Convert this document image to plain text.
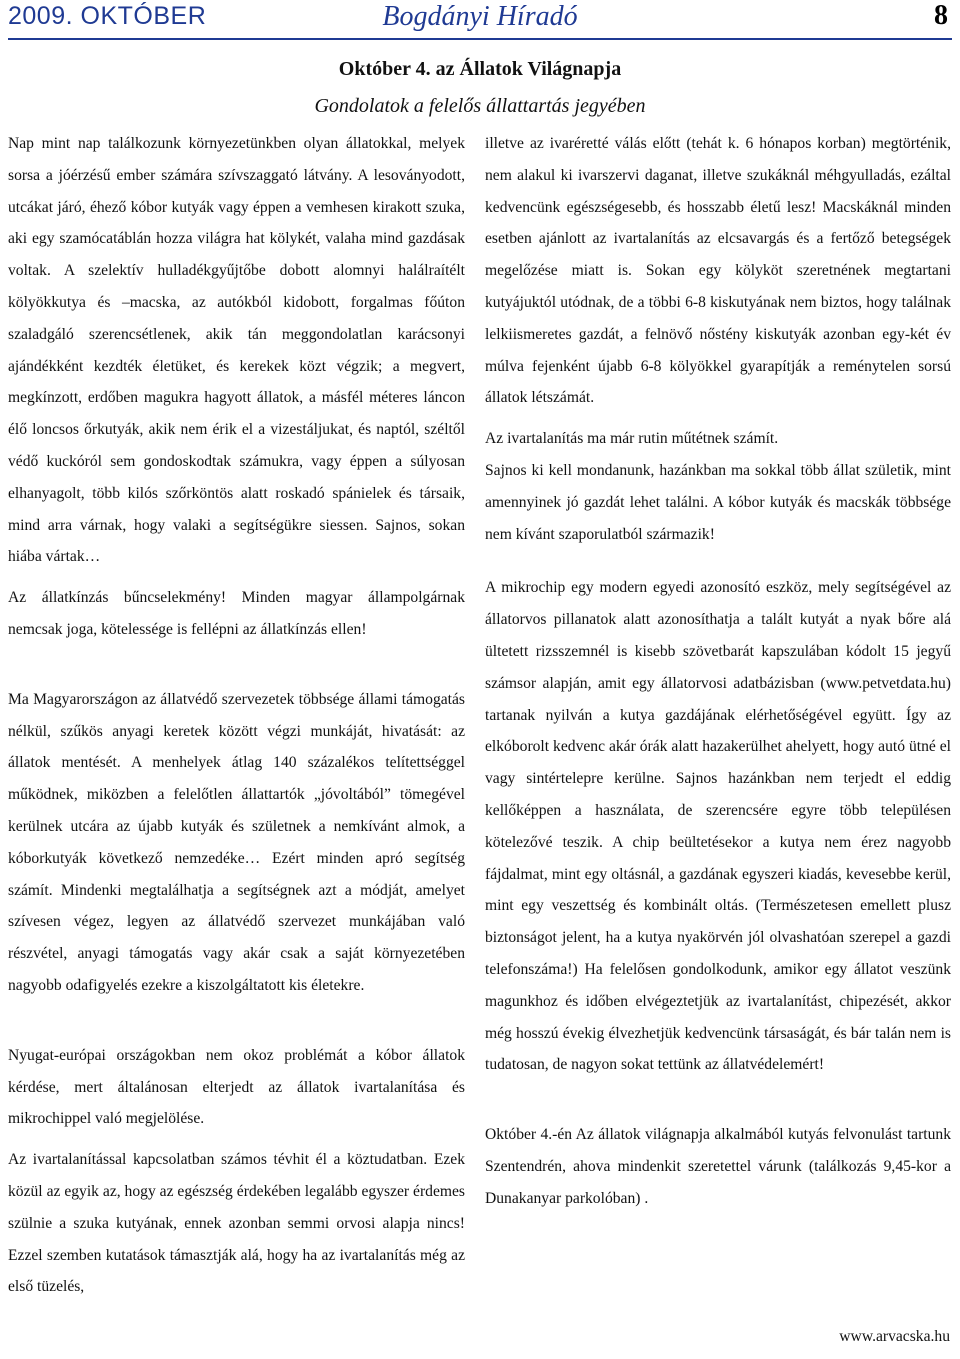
2009. OKTÓBER	Bogdányi Híradó	8
Október 4. az Állatok Világnapja
Gondolatok a felelős állattartás jegyében

Nap mint nap találkozunk környezetünkben olyan állatokkal, melyek sorsa a jóérzésű ember számára szívszaggató látvány. A lesoványodott, utcákat járó, éhező kóbor kutyák vagy éppen a vemhesen kirakott szuka, aki egy szamócatáblán hozza világra hat kölykét, valaha mind gazdásak voltak. A szelektív hulladékgyűjtőbe dobott alomnyi halálraítélt kölyökkutya és –macska, az autókból kidobott, forgalmas főúton szaladgáló szerencsétlenek, akik tán meggondolatlan karácsonyi ajándékként kezdték életüket, és kerekek közt végzik; a megvert, megkínzott, erdőben magukra hagyott állatok, a másfél méteres láncon élő loncsos őrkutyák, akik nem érik el a vizestáljukat, és naptól, széltől védő kuckóról sem gondoskodtak számukra, vagy éppen a súlyosan elhanyagolt, több kilós szőrköntös alatt roskadó spánielek és társaik, mind arra várnak, hogy valaki a segítségükre siessen. Sajnos, sokan hiába vártak…

Az állatkínzás bűncselekmény! Minden magyar állampolgárnak nemcsak joga, kötelessége is fellépni az állatkínzás ellen!

Ma Magyarországon az állatvédő szervezetek többsége állami támogatás nélkül, szűkös anyagi keretek között végzi munkáját, hivatását: az állatok mentését. A menhelyek átlag 140 százalékos telítettséggel működnek, miközben a felelőtlen állattartók „jóvoltából” tömegével kerülnek utcára az újabb kutyák és születnek a nemkívánt almok, a kóborkutyák következő nemzedéke… Ezért minden apró segítség számít. Mindenki megtalálhatja a segítségnek azt a módját, amelyet szívesen végez, legyen az állatvédő szervezet munkájában való részvétel, anyagi támogatás vagy akár csak a saját környezetében nagyobb odafigyelés ezekre a kiszolgáltatott kis életekre.

Nyugat-európai országokban nem okoz problémát a kóbor állatok kérdése, mert általánosan elterjedt az állatok ivartalanítása és mikrochippel való megjelölése.

Az ivartalanítással kapcsolatban számos tévhit él a köztudatban. Ezek közül az egyik az, hogy az egészség érdekében legalább egyszer érdemes szülnie a szuka kutyának, ennek azonban semmi orvosi alapja nincs! Ezzel szemben kutatások támasztják alá, hogy ha az ivartalanítás még az első tüzelés,

illetve az ivaréretté válás előtt (tehát k. 6 hónapos korban) megtörténik, nem alakul ki ivarszervi daganat, illetve szukáknál méhgyulladás, ezáltal kedvencünk egészségesebb, és hosszabb életű lesz! Macskáknál minden esetben ajánlott az ivartalanítás az elcsavargás és a fertőző betegségek megelőzése miatt is. Sokan egy kölyköt szeretnének megtartani kutyájuktól utódnak, de a többi 6-8 kiskutyának nem biztos, hogy találnak lelkiismeretes gazdát, a felnövő nőstény kiskutyák azonban egy-két év múlva fejenként újabb 6-8 kölyökkel gyarapítják a reménytelen sorsú állatok létszámát.

Az ivartalanítás ma már rutin műtétnek számít.

Sajnos ki kell mondanunk, hazánkban ma sokkal több állat születik, mint amennyinek jó gazdát lehet találni. A kóbor kutyák és macskák többsége nem kívánt szaporulatból származik!

A mikrochip egy modern egyedi azonosító eszköz, mely segítségével az állatorvos pillanatok alatt azonosíthatja a talált kutyát a nyak bőre alá ültetett rizsszemnél is kisebb szövetbarát kapszulában kódolt 15 jegyű számsor alapján, amit egy állatorvosi adatbázisban (www.petvetdata.hu) tartanak nyilván a kutya gazdájának elérhetőségével együtt. Így az elkóborolt kedvenc akár órák alatt hazakerülhet ahelyett, hogy autó ütné el vagy sintértelepre kerülne. Sajnos hazánkban nem terjedt el eddig kellőképpen a használata, de szerencsére egyre több településen kötelezővé teszik. A chip beültetésekor a kutya nem érez nagyobb fájdalmat, mint egy oltásnál, a gazdának egyszeri kiadás, kevesebbe kerül, mint egy veszettség és kombinált oltás. (Természetesen emellett plusz biztonságot jelent, ha a kutya nyakörvén jól olvashatóan szerepel a gazdi telefonszáma!) Ha felelősen gondolkodunk, amikor egy állatot veszünk magunkhoz és időben elvégeztetjük az ivartalanítást, chipezését, akkor még hosszú évekig élvezhetjük kedvencünk társaságát, és bár talán nem is tudatosan, de nagyon sokat tettünk az állatvédelemért!

Október 4.-én Az állatok világnapja alkalmából kutyás felvonulást tartunk Szentendrén, ahova mindenkit szeretettel várunk (találkozás 9,45-kor a Dunakanyar parkolóban) .

www.arvacska.hu
